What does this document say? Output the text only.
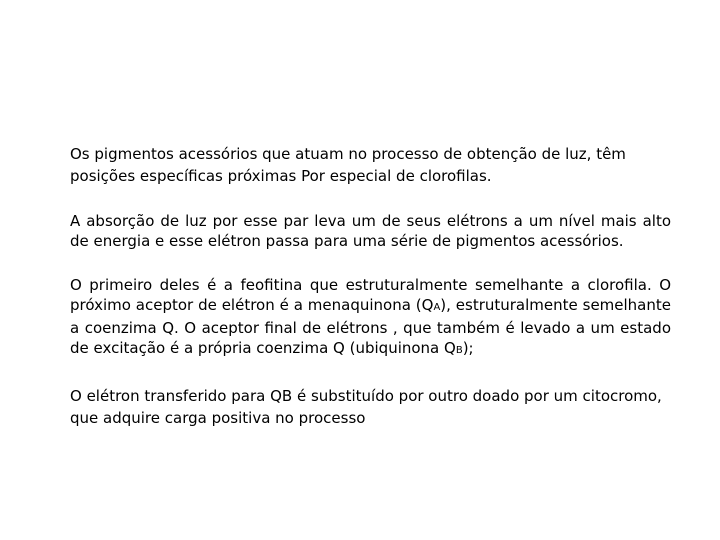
Os pigmentos acessórios que atuam no processo de obtenção de luz, têm posições específicas próximas Por especial de clorofilas.

A absorção de luz por esse par leva um de seus elétrons a um nível mais alto de energia e esse elétron passa para uma série de pigmentos acessórios.

O primeiro deles é a feofitina que estruturalmente semelhante a clorofila. O próximo aceptor de elétron é a menaquinona (QA), estruturalmente semelhante a coenzima Q. O aceptor final de elétrons , que também é levado a um estado de excitação é a própria coenzima Q (ubiquinona QB);

O elétron transferido para QB é substituído por outro doado por um citocromo, que adquire carga positiva no processo
